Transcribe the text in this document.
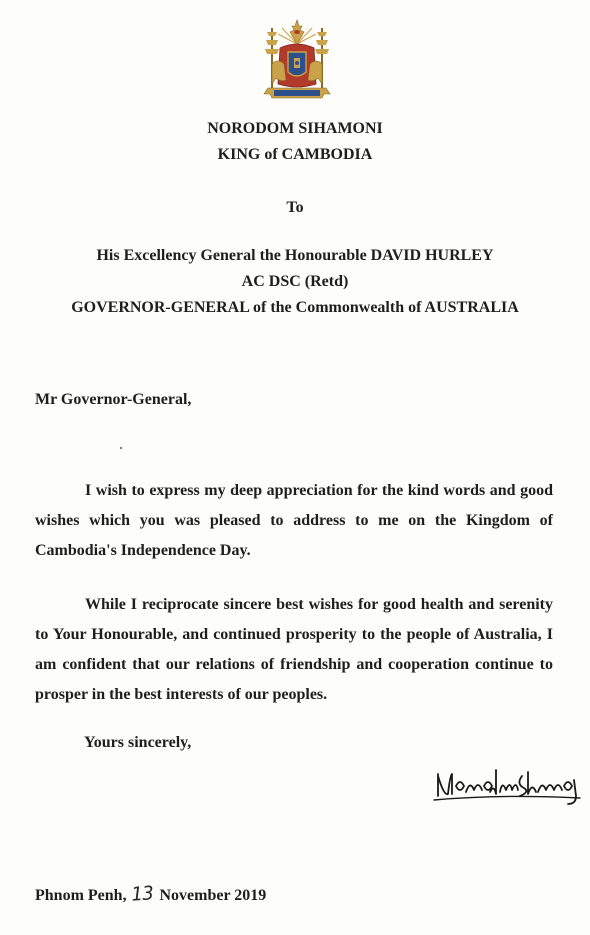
NORODOM SIHAMONI
KING of CAMBODIA
To
His Excellency General the Honourable DAVID HURLEY
AC DSC (Retd)
GOVERNOR-GENERAL of the Commonwealth of AUSTRALIA
Mr Governor-General,
I wish to express my deep appreciation for the kind words and good wishes which you was pleased to address to me on the Kingdom of Cambodia's Independence Day.
While I reciprocate sincere best wishes for good health and serenity to Your Honourable, and continued prosperity to the people of Australia, I am confident that our relations of friendship and cooperation continue to prosper in the best interests of our peoples.
Yours sincerely,
Phnom Penh, 13 November 2019
